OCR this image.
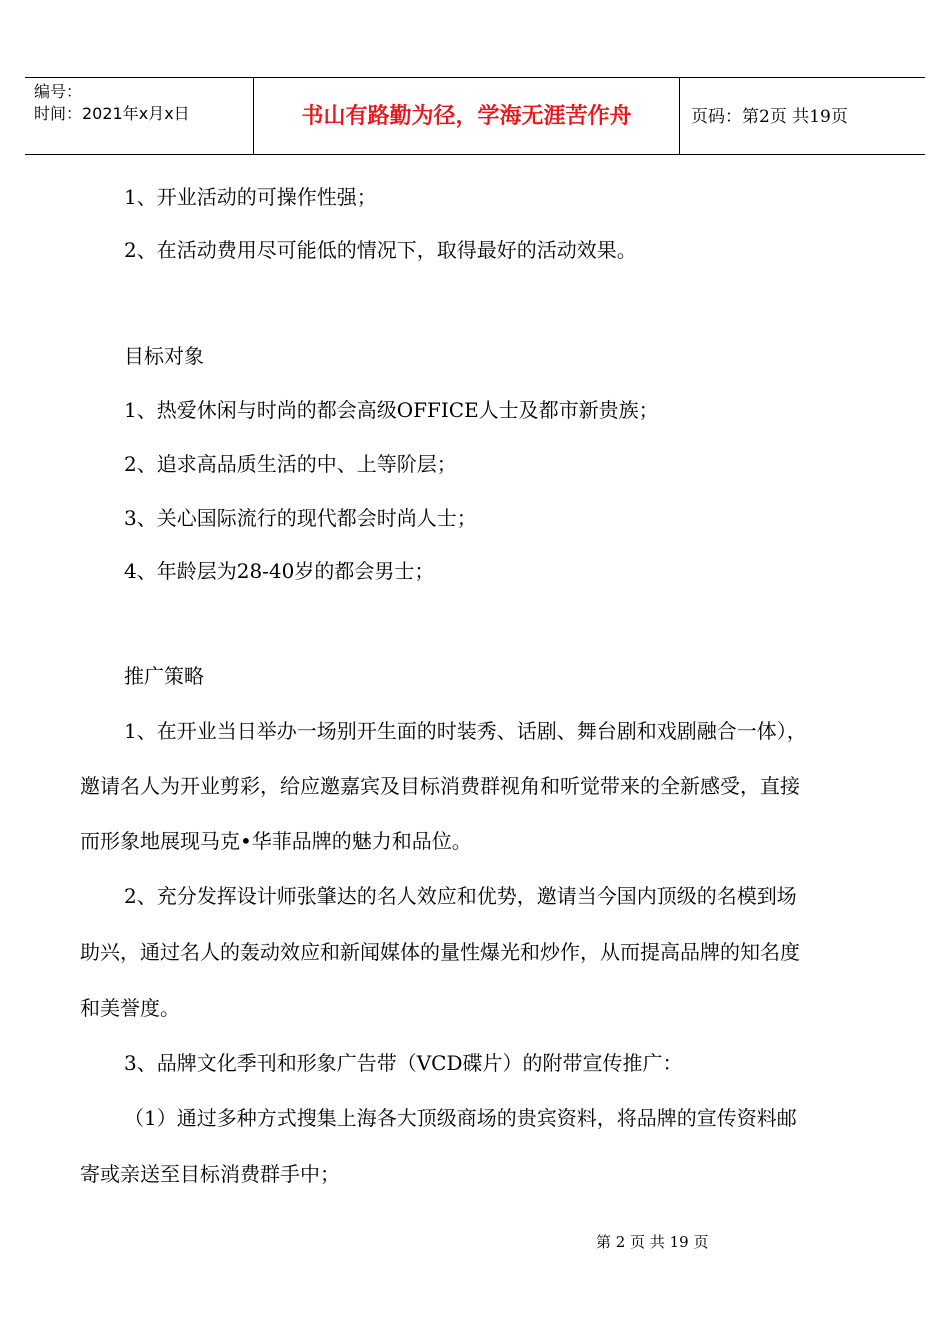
编号：
时间：2021年x月x日	书山有路勤为径，学海无涯苦作舟	页码：第2页 共19页
1、开业活动的可操作性强；
2、在活动费用尽可能低的情况下，取得最好的活动效果。
目标对象
1、热爱休闲与时尚的都会高级OFFICE人士及都市新贵族；
2、追求高品质生活的中、上等阶层；
3、关心国际流行的现代都会时尚人士；
4、年龄层为28-40岁的都会男士；
推广策略
1、在开业当日举办一场别开生面的时装秀、话剧、舞台剧和戏剧融合一体），
邀请名人为开业剪彩，给应邀嘉宾及目标消费群视角和听觉带来的全新感受，直接
而形象地展现马克•华菲品牌的魅力和品位。
2、充分发挥设计师张肇达的名人效应和优势，邀请当今国内顶级的名模到场
助兴，通过名人的轰动效应和新闻媒体的量性爆光和炒作，从而提高品牌的知名度
和美誉度。
3、品牌文化季刊和形象广告带（VCD碟片）的附带宣传推广：
（1）通过多种方式搜集上海各大顶级商场的贵宾资料，将品牌的宣传资料邮
寄或亲送至目标消费群手中；
第 2 页 共 19 页
